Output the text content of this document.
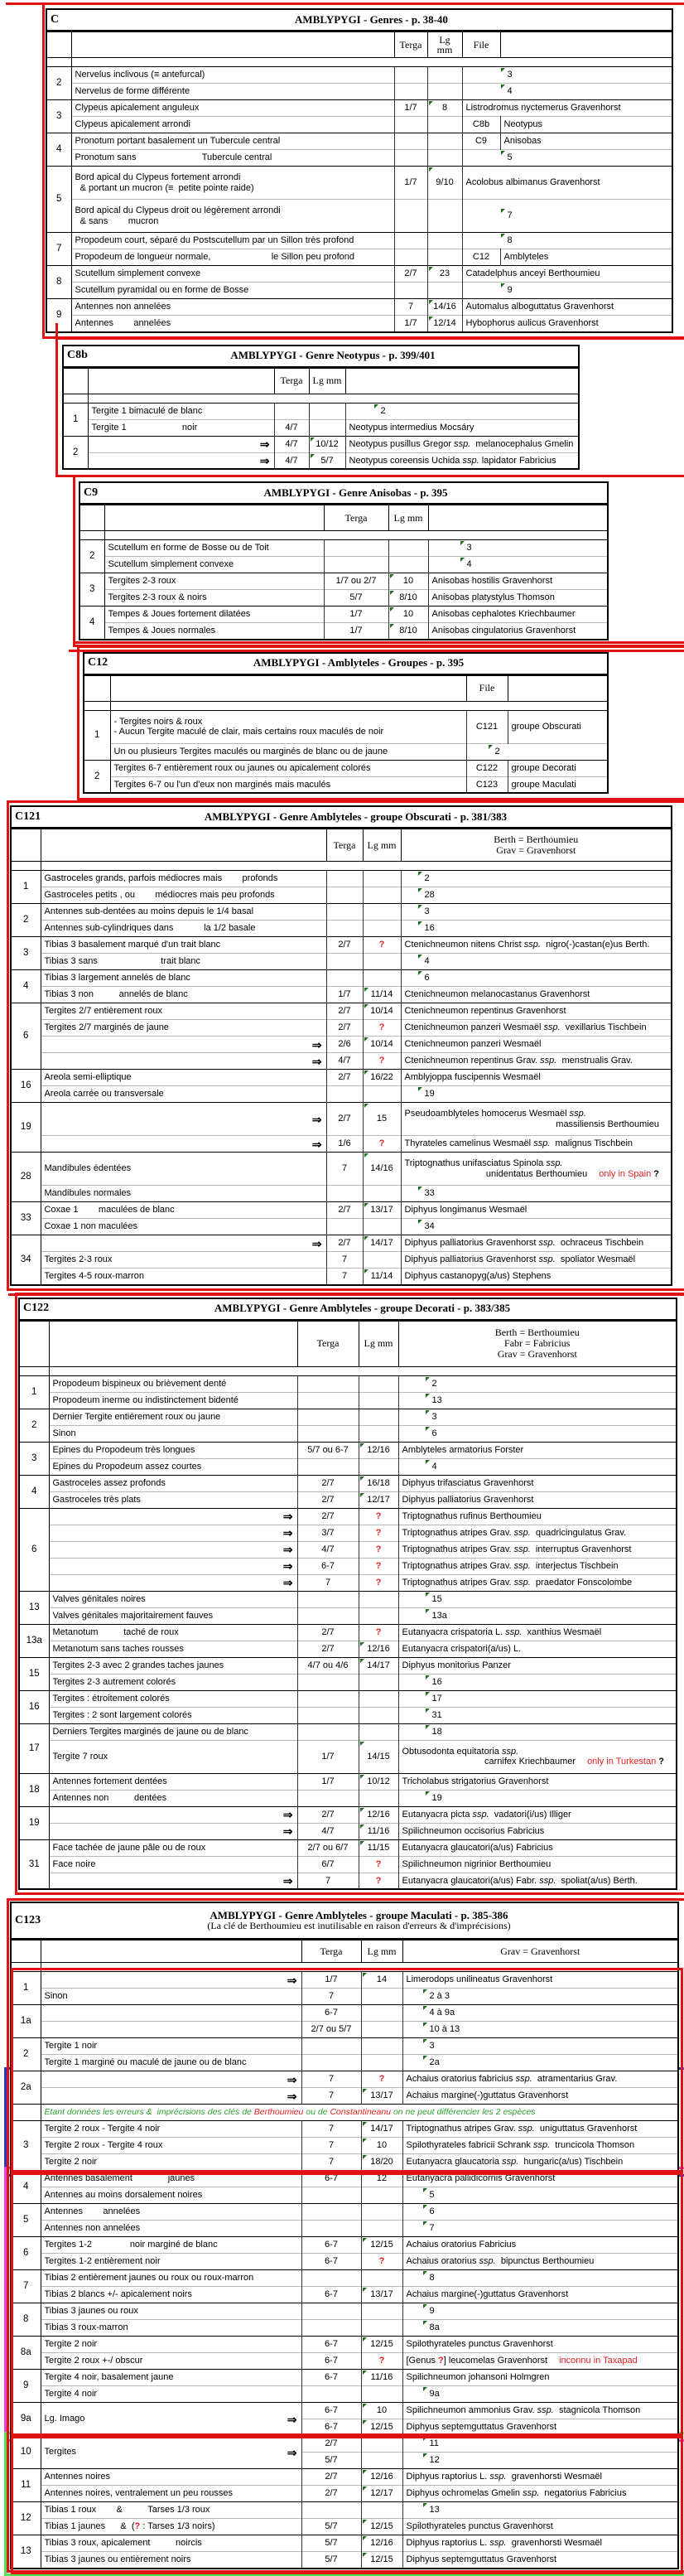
C	AMBLYPYGI - Genres - p. 38-40				
		Terga	Lg mm	File	

2	Nervelus inclivous (≡ antefurcal)			3	
	Nervelus de forme différente			4	
3	Clypeus apicalement anguleux	1/7	8	Listrodromus nyctemerus Gravenhorst	
	Clypeus apicalement arrondi			C8b	Neotypus
4	Pronotum portant basalement un Tubercule central			C9	Anisobas
	Pronotum sans                          Tubercule central			5	
5	Bord apical du Clypeus fortement arrondi
& portant un mucron (≡  petite pointe raide)	1/7	9/10	Acolobus albimanus Gravenhorst	
	Bord apical du Clypeus droit ou légèrement arrondi
& sans        mucron			7	
7	Propodeum court, séparé du Postscutellum par un Sillon très profond			8	
	Propodeum de longueur normale,                        le Sillon peu profond			C12	Amblyteles
8	Scutellum simplement convexe	2/7	23	Catadelphus anceyi Berthoumieu	
	Scutellum pyramidal ou en forme de Bosse			9	
9	Antennes non annelées	7	14/16	Automalus alboguttatus Gravenhorst	
	Antennes        annelées	1/7	12/14	Hybophorus aulicus Gravenhorst	
C8b	AMBLYPYGI - Genre Neotypus - p. 399/401			
		Terga	Lg mm	

1	Tergite 1 bimaculé de blanc			2
	Tergite 1                      noir	4/7		Neotypus intermedius Mocsáry
2	⇒	4/7	10/12	Neotypus pusillus Gregor ssp.  melanocephalus Gmelin

	⇒	4/7	5/7	Neotypus coreensis Uchida ssp. lapidator Fabricius
C9	AMBLYPYGI - Genre Anisobas - p. 395			
		Terga	Lg mm	

2	Scutellum en forme de Bosse ou de Toit			3
	Scutellum simplement convexe			4
3	Tergites 2-3 roux	1/7 ou 2/7	10	Anisobas hostilis Gravenhorst
	Tergites 2-3 roux & noirs	5/7	8/10	Anisobas platystylus Thomson
4	Tempes & Joues fortement dilatées	1/7	10	Anisobas cephalotes Kriechbaumer
	Tempes & Joues normales	1/7	8/10	Anisobas cingulatorius Gravenhorst
C12	AMBLYPYGI - Amblyteles - Groupes - p. 395		
		File	

1	- Tergites noirs & roux
- Aucun Tergite maculé de clair, mais certains roux maculés de noir	C121	groupe Obscurati
	Un ou plusieurs Tergites maculés ou marginés de blanc ou de jaune	2	
2	Tergites 6-7 entièrement roux ou jaunes ou apicalement colorés	C122	groupe Decorati
	Tergites 6-7 ou l'un d'eux non marginés mais maculés	C123	groupe Maculati
C121	AMBLYPYGI - Genre Amblyteles - groupe Obscurati - p. 381/383			
		Terga	Lg mm	Berth = Berthoumieu
Grav = Gravenhorst

1	Gastroceles grands, parfois médiocres mais        profonds			2
	Gastroceles petits , ou        médiocres mais peu profonds			28
2	Antennes sub-dentées au moins depuis le 1/4 basal			3
	Antennes sub-cylindriques dans            la 1/2 basale			16
3	Tibias 3 basalement marqué d'un trait blanc	2/7	?	Ctenichneumon nitens Christ ssp.  nigro(-)castan(e)us Berth.
	Tibias 3 sans                         trait blanc			4
4	Tibias 3 largement annelés de blanc			6
	Tibias 3 non          annelés de blanc	1/7	11/14	Ctenichneumon melanocastanus Gravenhorst
6	Tergites 2/7 entièrement roux	2/7	10/14	Ctenichneumon repentinus Gravenhorst
	Tergites 2/7 marginés de jaune	2/7	?	Ctenichneumon panzeri Wesmaël ssp.  vexillarius Tischbein

	⇒	2/6	10/14	Ctenichneumon panzeri Wesmaël

	⇒	4/7	?	Ctenichneumon repentinus Grav. ssp.  menstrualis Grav.
16	Areola semi-elliptique	2/7	16/22	Amblyjoppa fuscipennis Wesmaël
	Areola carrée ou transversale			19
19	⇒	2/7	15	Pseudoamblyteles homocerus Wesmaël ssp.
massiliensis Berthoumieu

	⇒	1/6	?	Thyrateles camelinus Wesmaël ssp.  malignus Tischbein
28	Mandibules édentées	7	14/16	Triptognathus unifasciatus Spinola ssp.
unidentatus Berthoumieu only in Spain ?

	Mandibules normales			33
33	Coxae 1        maculées de blanc	2/7	13/17	Diphyus longimanus Wesmaël
	Coxae 1 non maculées			34
34	⇒	2/7	14/17	Diphyus palliatorius Gravenhorst ssp.  ochraceus Tischbein
	Tergites 2-3 roux	7		Diphyus palliatorius Gravenhorst ssp.  spoliator Wesmaël
	Tergites 4-5 roux-marron	7	11/14	Diphyus castanopyg(a/us) Stephens
C122	AMBLYPYGI - Genre Amblyteles - groupe Decorati - p. 383/385			
		Terga	Lg mm	Berth = Berthoumieu
Fabr = Fabricius
Grav = Gravenhorst

1	Propodeum bispineux ou brièvement denté			2
	Propodeum inerme ou indistinctement bidenté			13
2	Dernier Tergite entièrement roux ou jaune			3
	Sinon			6
3	Epines du Propodeum très longues	5/7 ou 6-7	12/16	Amblyteles armatorius Forster
	Epines du Propodeum assez courtes			4
4	Gastroceles assez profonds	2/7	16/18	Diphyus trifasciatus Gravenhorst
	Gastroceles très plats	2/7	12/17	Diphyus palliatorius Gravenhorst
6	⇒	2/7	?	Triptognathus rufinus Berthoumieu

	⇒	3/7	?	Triptognathus atripes Grav. ssp.  quadricingulatus Grav.

	⇒	4/7	?	Triptognathus atripes Grav. ssp.  interruptus Gravenhorst

	⇒	6-7	?	Triptognathus atripes Grav. ssp.  interjectus Tischbein

	⇒	7	?	Triptognathus atripes Grav. ssp.  praedator Fonscolombe
13	Valves génitales noires			15
	Valves génitales majoritairement fauves			13a
13a	Metanotum          taché de roux	2/7	?	Eutanyacra crispatoria L. ssp.  xanthius Wesmaël
	Metanotum sans taches rousses	2/7	12/16	Eutanyacra crispatori(a/us) L.
15	Tergites 2-3 avec 2 grandes taches jaunes	4/7 ou 4/6	14/17	Diphyus monitorius Panzer
	Tergites 2-3 autrement colorés			16
16	Tergites : étroitement colorés			17
	Tergites : 2 sont largement colorés			31
17	Derniers Tergites marginés de jaune ou de blanc			18
	Tergite 7 roux	1/7	14/15	Obtusodonta equitatoria ssp.
carnifex Kriechbaumer only in Turkestan ?

18	Antennes fortement dentées	1/7	10/12	Tricholabus strigatorius Gravenhorst
	Antennes non          dentées			19
19	⇒	2/7	12/16	Eutanyacra picta ssp.  vadatori(i/us) Illiger

	⇒	4/7	11/16	Spilichneumon occisorius Fabricius
31	Face tachée de jaune pâle ou de roux	2/7 ou 6/7	11/15	Eutanyacra glaucatori(a/us) Fabricius
	Face noire	6/7	?	Spilichneumon nigrinior Berthoumieu

	⇒	7	?	Eutanyacra glaucatori(a/us) Fabr. ssp.  spoliat(a/us) Berth.
C123	AMBLYPYGI - Genre Amblyteles - groupe Maculati - p. 385-386
(La clé de Berthoumieu est inutilisable en raison d'erreurs & d'imprécisions)			

		Terga	Lg mm	Grav = Gravenhorst

1	⇒	1/7	14	Limerodops unilineatus Gravenhorst
	Sinon	7		2 à 3
1a		6-7		4 à 9a
		2/7 ou 5/7		10 à 13
2	Tergite 1 noir			3
	Tergite 1 marginé ou maculé de jaune ou de blanc			2a
2a	⇒	7	?	Achaius oratorius fabricius ssp.  atramentarius Grav.

	⇒	7	13/17	Achaius margine(-)guttatus Gravenhorst
	Etant données les erreurs &  imprécisions des clés de Berthoumieu ou de Constantineanu on ne peut différencier les 2 espèces			
3	Tergite 2 roux - Tergite 4 noir	7	14/17	Triptognathus atripes Grav. ssp.  uniguttatus Gravenhorst
	Tergite 2 roux - Tergite 4 roux	7	10	Spilothyrateles fabricii Schrank ssp.  truncicola Thomson
	Tergite 2 noir	7	18/20	Eutanyacra glaucatoria ssp.  hungaric(a/us) Tischbein
4	Antennes basalement              jaunes	6-7	12	Eutanyacra pallidicornis Gravenhorst
	Antennes au moins dorsalement noires			5
5	Antennes        annelées			6
	Antennes non annelées			7
6	Tergites 1-2               noir marginé de blanc	6-7	12/15	Achaius oratorius Fabricius
	Tergites 1-2 entièrement noir	6-7	?	Achaius oratorius ssp.  bipunctus Berthoumieu
7	Tibias 2 entièrement jaunes ou roux ou roux-marron			8
	Tibias 2 blancs +/- apicalement noirs	6-7	13/17	Achaius margine(-)guttatus Gravenhorst
8	Tibias 3 jaunes ou roux			9
	Tibias 3 roux-marron			8a
8a	Tergite 2 noir	6-7	12/15	Spilothyrateles punctus Gravenhorst
	Tergite 2 roux +-/ obscur	6-7	?	[Genus ?] leucomelas Gravenhorst inconnu in Taxapad
9	Tergite 4 noir, basalement jaune	6-7	11/16	Spilichneumon johansoni Holmgren
	Tergite 4 noir			9a
9a	Lg. Imago ⇒	6-7	10	Spilichneumon ammonius Grav. ssp.  stagnicola Thomson
		6-7	12/15	Diphyus septemguttatus Gravenhorst
10	Tergites ⇒	2/7		11
		5/7		12
11	Antennes noires	2/7	12/16	Diphyus raptorius L. ssp.  gravenhorsti Wesmaël
	Antennes noires, ventralement un peu rousses	2/7	12/17	Diphyus ochromelas Gmelin ssp.  negatorius Fabricius
12	Tibias 1 roux        &          Tarses 1/3 roux			13
	Tibias 1 jaunes      &  (? : Tarses 1/3 noirs)	5/7	12/15	Spilothyrateles punctus Gravenhorst
13	Tibias 3 roux, apicalement          noircis	5/7	12/16	Diphyus raptorius L. ssp.  gravenhorsti Wesmaël
	Tibias 3 jaunes ou entièrement noirs	5/7	12/15	Diphyus septemguttatus Gravenhorst
